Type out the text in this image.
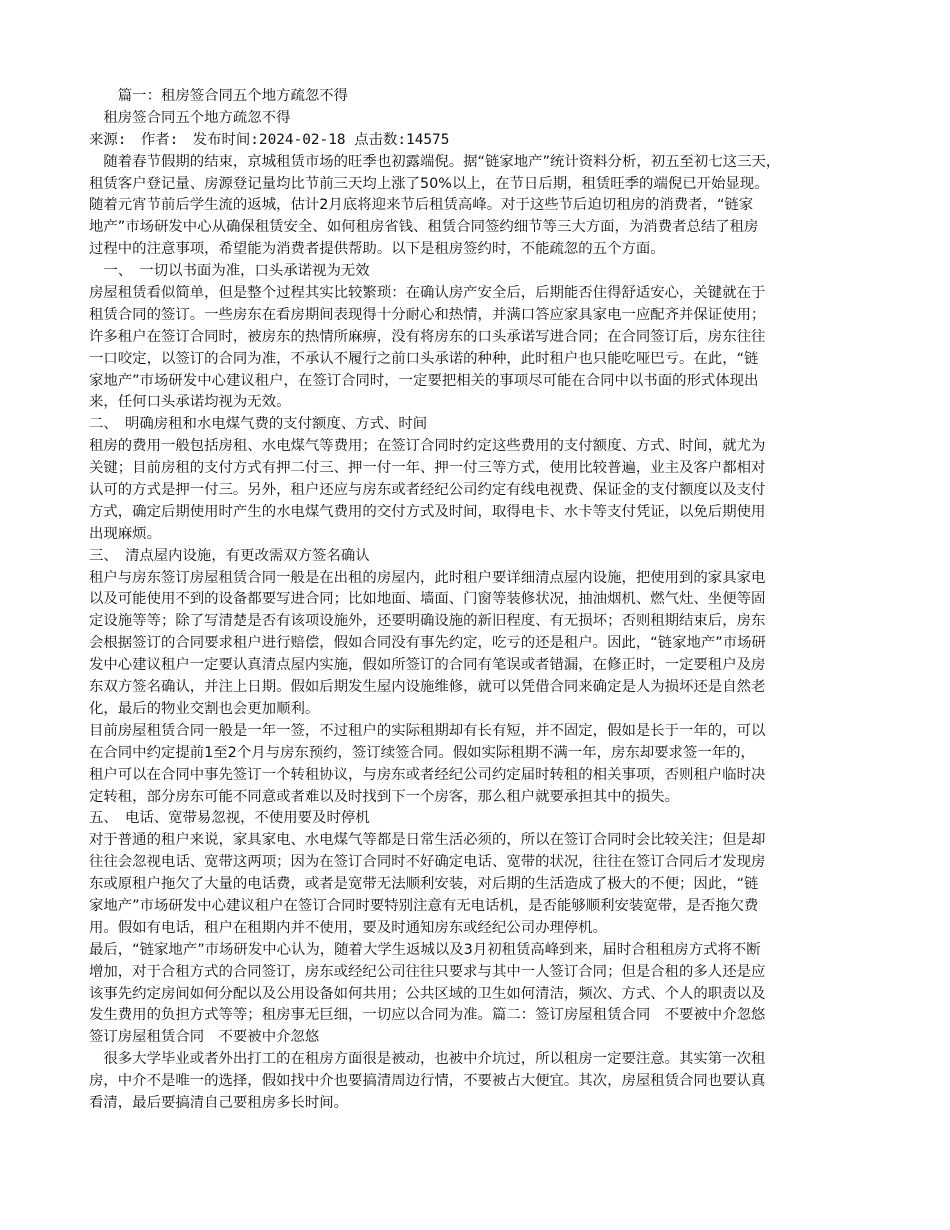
　　篇一：租房签合同五个地方疏忽不得
　租房签合同五个地方疏忽不得
来源:　作者:　发布时间:2024-02-18 点击数:14575
　随着春节假期的结束，京城租赁市场的旺季也初露端倪。据“链家地产”统计资料分析，初五至初七这三天，
租赁客户登记量、房源登记量均比节前三天均上涨了50%以上，在节日后期，租赁旺季的端倪已开始显现。
随着元宵节前后学生流的返城，估计2月底将迎来节后租赁高峰。对于这些节后迫切租房的消费者，“链家
地产”市场研发中心从确保租赁安全、如何租房省钱、租赁合同签约细节等三大方面，为消费者总结了租房
过程中的注意事项，希望能为消费者提供帮助。以下是租房签约时，不能疏忽的五个方面。
　一、　一切以书面为准，口头承诺视为无效
房屋租赁看似简单，但是整个过程其实比较繁琐：在确认房产安全后，后期能否住得舒适安心，关键就在于
租赁合同的签订。一些房东在看房期间表现得十分耐心和热情，并满口答应家具家电一应配齐并保证使用；
许多租户在签订合同时，被房东的热情所麻痹，没有将房东的口头承诺写进合同；在合同签订后，房东往往
一口咬定，以签订的合同为准，不承认不履行之前口头承诺的种种，此时租户也只能吃哑巴亏。在此，“链
家地产”市场研发中心建议租户，在签订合同时，一定要把相关的事项尽可能在合同中以书面的形式体现出
来，任何口头承诺均视为无效。
二、　明确房租和水电煤气费的支付额度、方式、时间
租房的费用一般包括房租、水电煤气等费用；在签订合同时约定这些费用的支付额度、方式、时间，就尤为
关键；目前房租的支付方式有押二付三、押一付一年、押一付三等方式，使用比较普遍，业主及客户都相对
认可的方式是押一付三。另外，租户还应与房东或者经纪公司约定有线电视费、保证金的支付额度以及支付
方式，确定后期使用时产生的水电煤气费用的交付方式及时间，取得电卡、水卡等支付凭证，以免后期使用
出现麻烦。
三、　清点屋内设施，有更改需双方签名确认
租户与房东签订房屋租赁合同一般是在出租的房屋内，此时租户要详细清点屋内设施，把使用到的家具家电
以及可能使用不到的设备都要写进合同；比如地面、墙面、门窗等装修状况，抽油烟机、燃气灶、坐便等固
定设施等等；除了写清楚是否有该项设施外，还要明确设施的新旧程度、有无损坏；否则租期结束后，房东
会根据签订的合同要求租户进行赔偿，假如合同没有事先约定，吃亏的还是租户。因此，“链家地产”市场研
发中心建议租户一定要认真清点屋内实施，假如所签订的合同有笔误或者错漏，在修正时，一定要租户及房
东双方签名确认，并注上日期。假如后期发生屋内设施维修，就可以凭借合同来确定是人为损坏还是自然老
化，最后的物业交割也会更加顺利。
目前房屋租赁合同一般是一年一签，不过租户的实际租期却有长有短，并不固定，假如是长于一年的，可以
在合同中约定提前1至2个月与房东预约，签订续签合同。假如实际租期不满一年，房东却要求签一年的，
租户可以在合同中事先签订一个转租协议，与房东或者经纪公司约定届时转租的相关事项，否则租户临时决
定转租，部分房东可能不同意或者难以及时找到下一个房客，那么租户就要承担其中的损失。
五、　电话、宽带易忽视，不使用要及时停机
对于普通的租户来说，家具家电、水电煤气等都是日常生活必须的，所以在签订合同时会比较关注；但是却
往往会忽视电话、宽带这两项；因为在签订合同时不好确定电话、宽带的状况，往往在签订合同后才发现房
东或原租户拖欠了大量的电话费，或者是宽带无法顺利安装，对后期的生活造成了极大的不便；因此，“链
家地产”市场研发中心建议租户在签订合同时要特别注意有无电话机，是否能够顺利安装宽带，是否拖欠费
用。假如有电话，租户在租期内并不使用，要及时通知房东或经纪公司办理停机。
最后，“链家地产”市场研发中心认为，随着大学生返城以及3月初租赁高峰到来，届时合租租房方式将不断
增加，对于合租方式的合同签订，房东或经纪公司往往只要求与其中一人签订合同；但是合租的多人还是应
该事先约定房间如何分配以及公用设备如何共用；公共区域的卫生如何清洁，频次、方式、个人的职责以及
发生费用的负担方式等等；租房事无巨细，一切应以合同为准。篇二：签订房屋租赁合同　不要被中介忽悠
签订房屋租赁合同　不要被中介忽悠
　很多大学毕业或者外出打工的在租房方面很是被动，也被中介坑过，所以租房一定要注意。其实第一次租
房，中介不是唯一的选择，假如找中介也要搞清周边行情，不要被占大便宜。其次，房屋租赁合同也要认真
看清，最后要搞清自己要租房多长时间。
